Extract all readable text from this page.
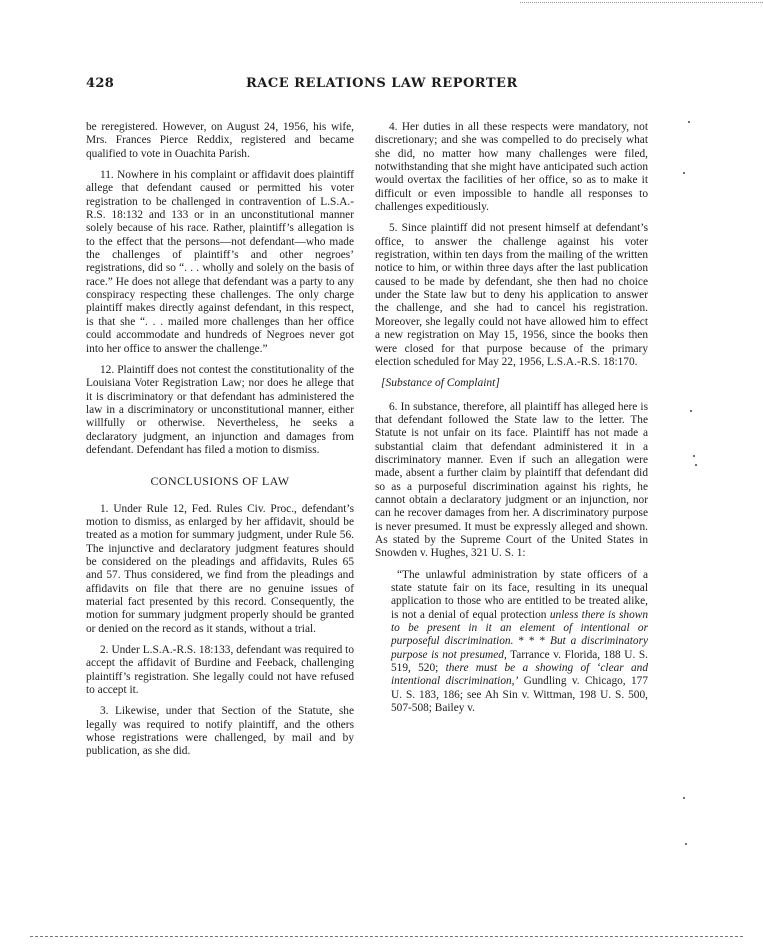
428	RACE RELATIONS LAW REPORTER

be reregistered. However, on August 24, 1956, his wife, Mrs. Frances Pierce Reddix, registered and became qualified to vote in Ouachita Parish.

11. Nowhere in his complaint or affidavit does plaintiff allege that defendant caused or permitted his voter registration to be challenged in contravention of L.S.A.-R.S. 18:132 and 133 or in an unconstitutional manner solely because of his race. Rather, plaintiff’s allegation is to the effect that the persons—not defendant—who made the challenges of plaintiff’s and other negroes’ registrations, did so “. . . wholly and solely on the basis of race.” He does not allege that defendant was a party to any conspiracy respecting these challenges. The only charge plaintiff makes directly against defendant, in this respect, is that she “. . . mailed more challenges than her office could accommodate and hundreds of Negroes never got into her office to answer the challenge.”

12. Plaintiff does not contest the constitutionality of the Louisiana Voter Registration Law; nor does he allege that it is discriminatory or that defendant has administered the law in a discriminatory or unconstitutional manner, either willfully or otherwise. Nevertheless, he seeks a declaratory judgment, an injunction and damages from defendant. Defendant has filed a motion to dismiss.

CONCLUSIONS OF LAW

1. Under Rule 12, Fed. Rules Civ. Proc., defendant’s motion to dismiss, as enlarged by her affidavit, should be treated as a motion for summary judgment, under Rule 56. The injunctive and declaratory judgment features should be considered on the pleadings and affidavits, Rules 65 and 57. Thus considered, we find from the pleadings and affidavits on file that there are no genuine issues of material fact presented by this record. Consequently, the motion for summary judgment properly should be granted or denied on the record as it stands, without a trial.

2. Under L.S.A.-R.S. 18:133, defendant was required to accept the affidavit of Burdine and Feeback, challenging plaintiff’s registration. She legally could not have refused to accept it.

3. Likewise, under that Section of the Statute, she legally was required to notify plaintiff, and the others whose registrations were challenged, by mail and by publication, as she did.

4. Her duties in all these respects were mandatory, not discretionary; and she was compelled to do precisely what she did, no matter how many challenges were filed, notwithstanding that she might have anticipated such action would overtax the facilities of her office, so as to make it difficult or even impossible to handle all responses to challenges expeditiously.

5. Since plaintiff did not present himself at defendant’s office, to answer the challenge against his voter registration, within ten days from the mailing of the written notice to him, or within three days after the last publication caused to be made by defendant, she then had no choice under the State law but to deny his application to answer the challenge, and she had to cancel his registration. Moreover, she legally could not have allowed him to effect a new registration on May 15, 1956, since the books then were closed for that purpose because of the primary election scheduled for May 22, 1956, L.S.A.-R.S. 18:170.

[Substance of Complaint]

6. In substance, therefore, all plaintiff has alleged here is that defendant followed the State law to the letter. The Statute is not unfair on its face. Plaintiff has not made a substantial claim that defendant administered it in a discriminatory manner. Even if such an allegation were made, absent a further claim by plaintiff that defendant did so as a purposeful discrimination against his rights, he cannot obtain a declaratory judgment or an injunction, nor can he recover damages from her. A discriminatory purpose is never presumed. It must be expressly alleged and shown. As stated by the Supreme Court of the United States in Snowden v. Hughes, 321 U. S. 1:

“The unlawful administration by state officers of a state statute fair on its face, resulting in its unequal application to those who are entitled to be treated alike, is not a denial of equal protection unless there is shown to be present in it an element of intentional or purposeful discrimination. * * * But a discriminatory purpose is not presumed, Tarrance v. Florida, 188 U. S. 519, 520; there must be a showing of ‘clear and intentional discrimination,’ Gundling v. Chicago, 177 U. S. 183, 186; see Ah Sin v. Wittman, 198 U. S. 500, 507-508; Bailey v.
